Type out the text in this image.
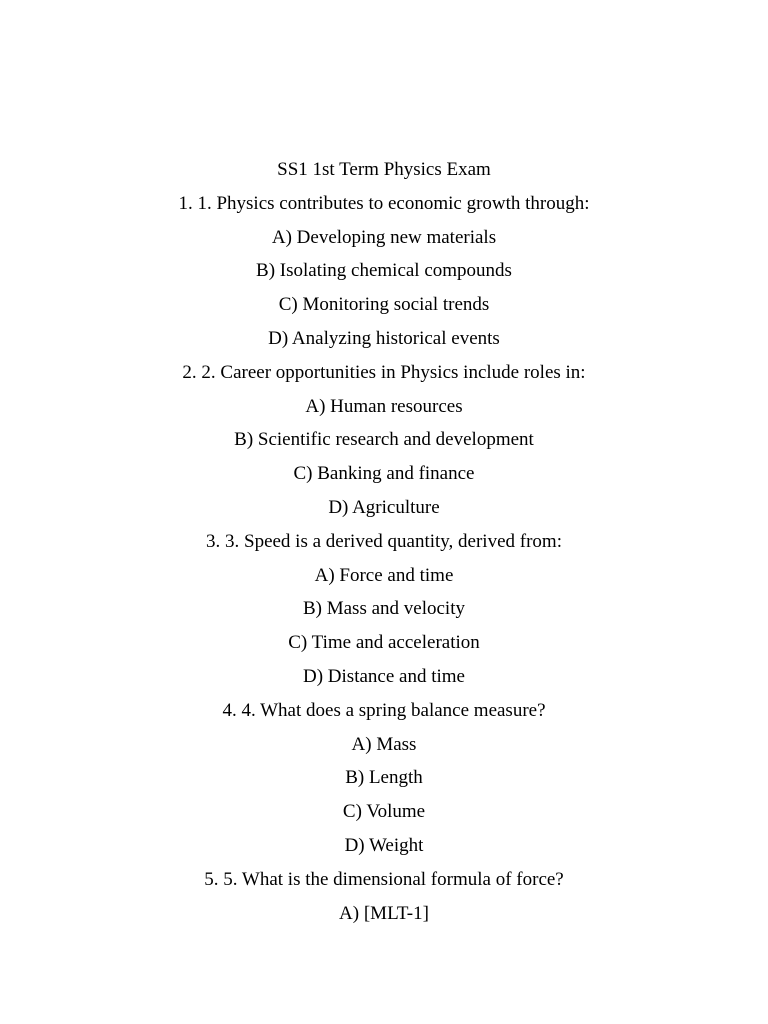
SS1 1st Term Physics Exam
1. 1. Physics contributes to economic growth through:
A) Developing new materials
B) Isolating chemical compounds
C) Monitoring social trends
D) Analyzing historical events
2. 2. Career opportunities in Physics include roles in:
A) Human resources
B) Scientific research and development
C) Banking and finance
D) Agriculture
3. 3. Speed is a derived quantity, derived from:
A) Force and time
B) Mass and velocity
C) Time and acceleration
D) Distance and time
4. 4. What does a spring balance measure?
A) Mass
B) Length
C) Volume
D) Weight
5. 5. What is the dimensional formula of force?
A) [MLT-1]
